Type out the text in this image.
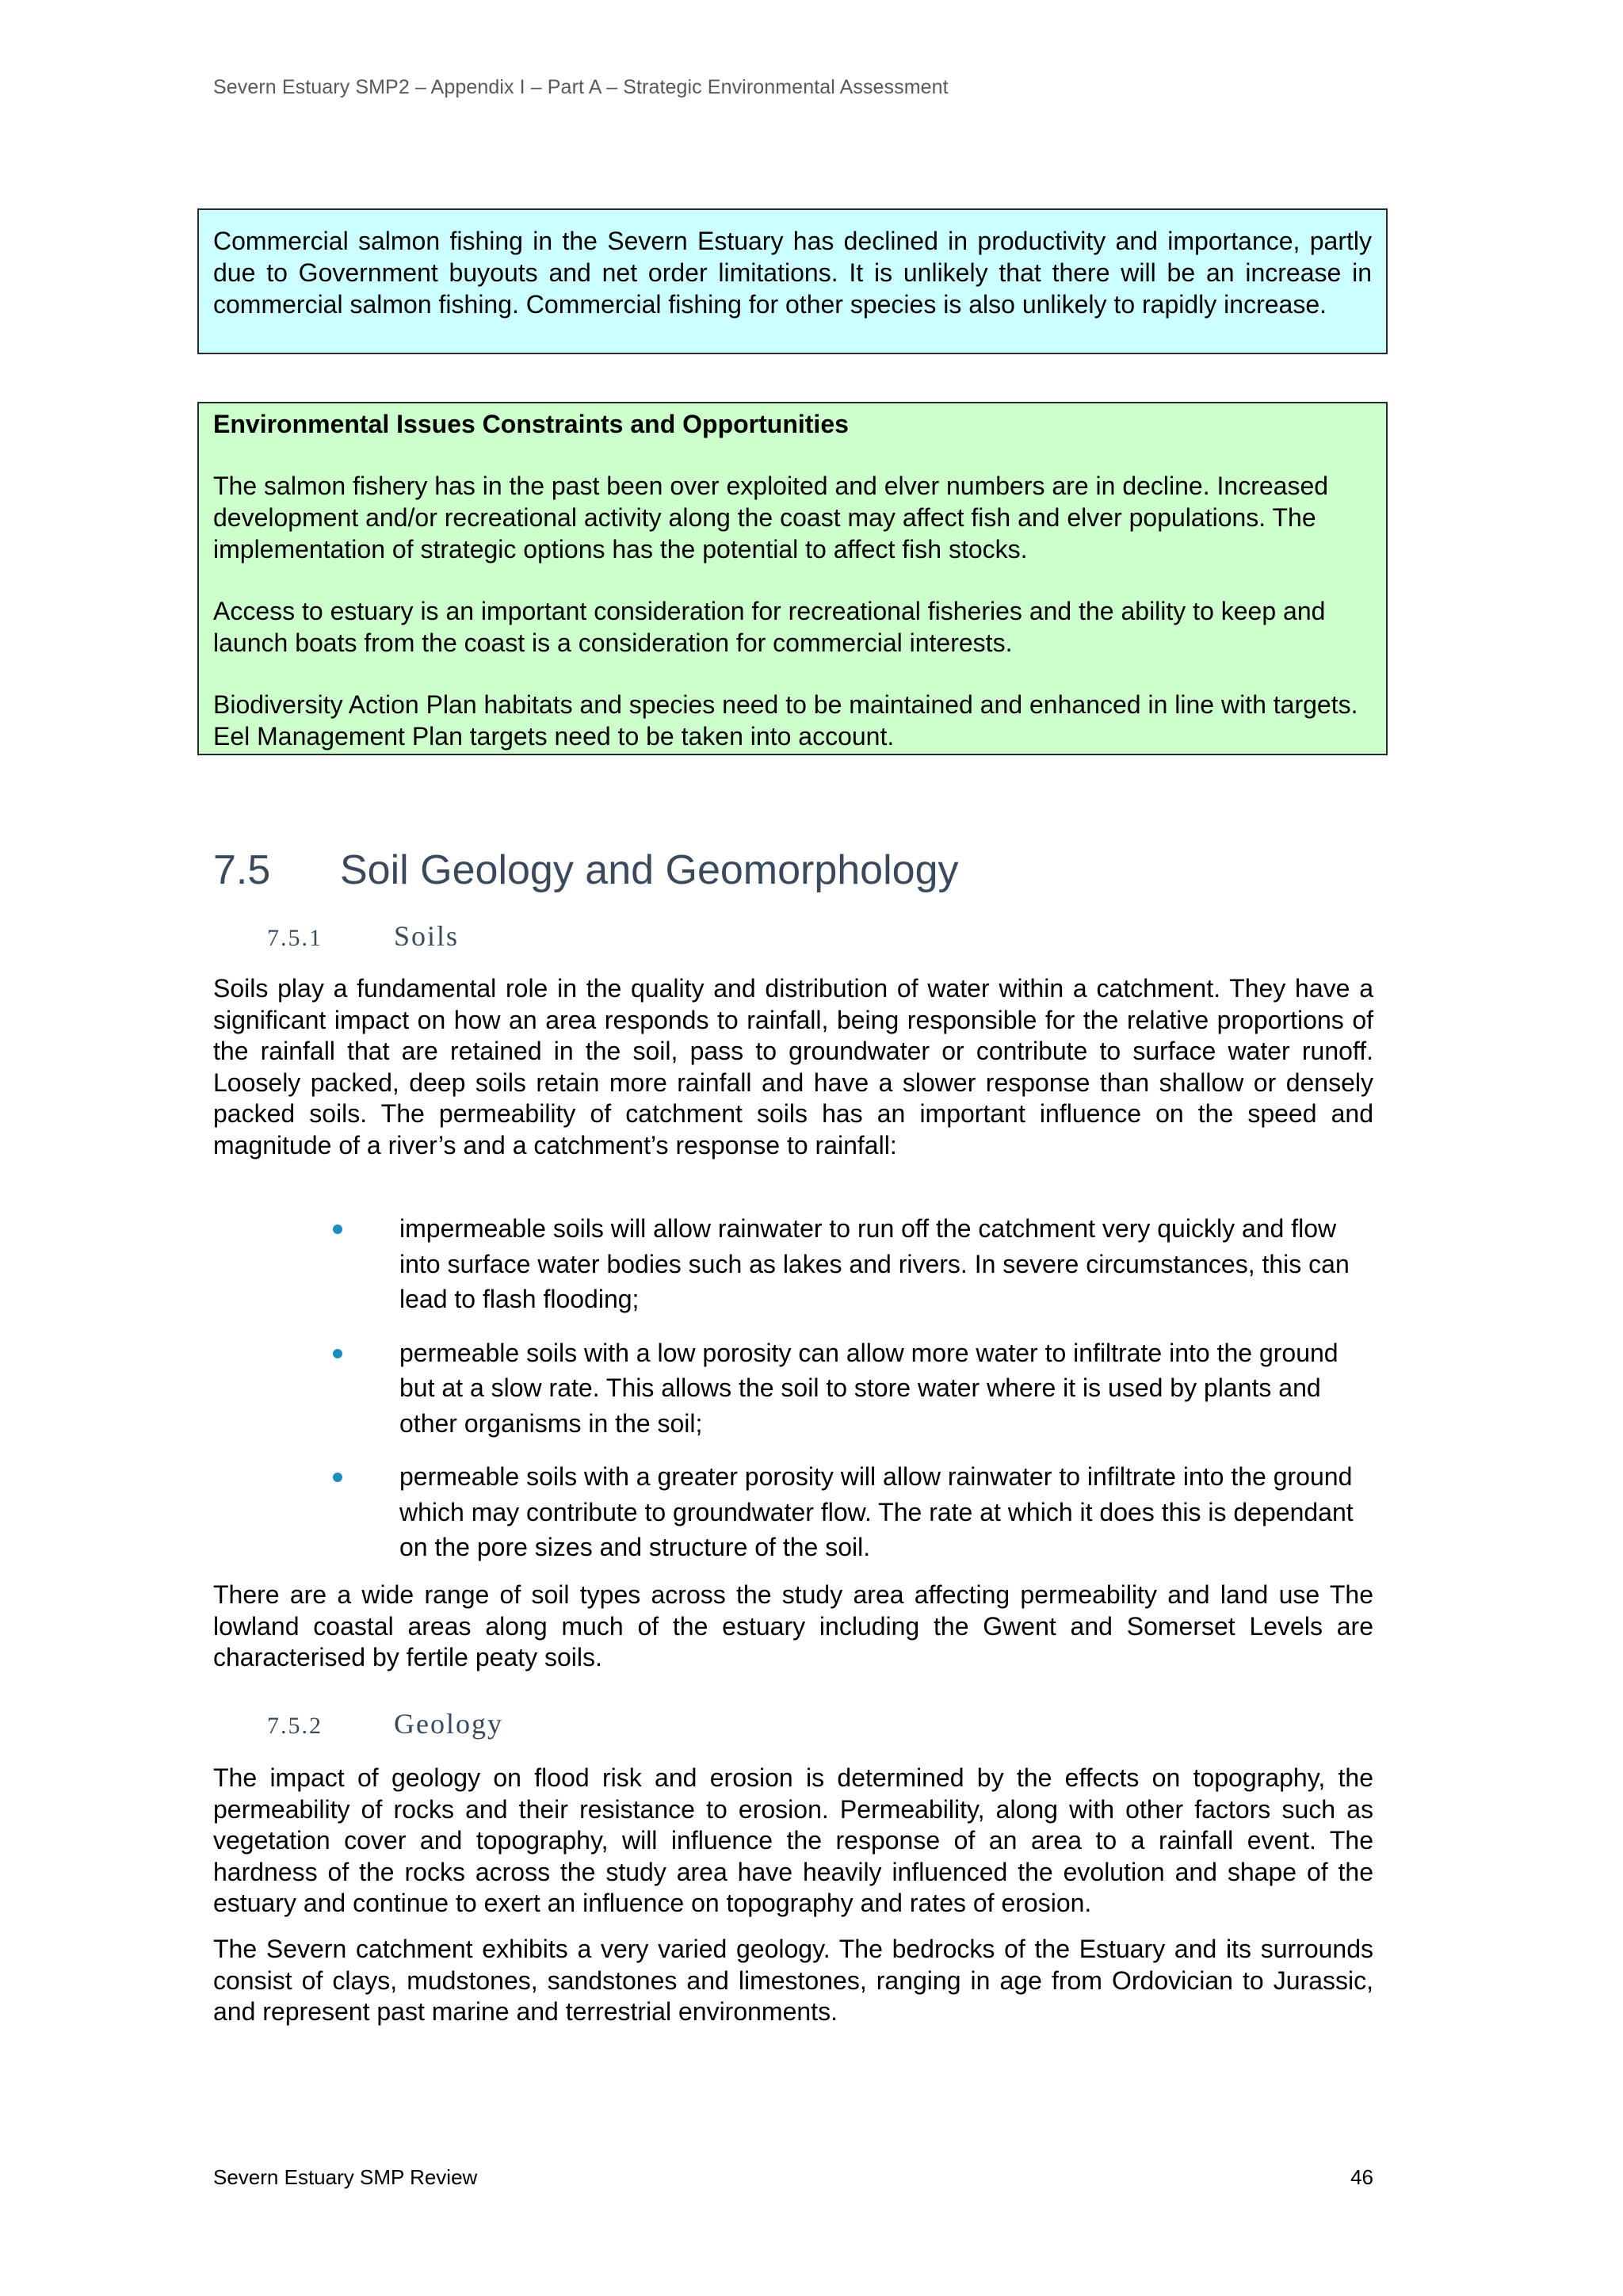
Severn Estuary SMP2 – Appendix I – Part A – Strategic Environmental Assessment

Commercial salmon fishing in the Severn Estuary has declined in productivity and importance, partly due to Government buyouts and net order limitations. It is unlikely that there will be an increase in commercial salmon fishing. Commercial fishing for other species is also unlikely to rapidly increase.

Environmental Issues Constraints and Opportunities

The salmon fishery has in the past been over exploited and elver numbers are in decline. Increased development and/or recreational activity along the coast may affect fish and elver populations. The implementation of strategic options has the potential to affect fish stocks.

Access to estuary is an important consideration for recreational fisheries and the ability to keep and launch boats from the coast is a consideration for commercial interests.

Biodiversity Action Plan habitats and species need to be maintained and enhanced in line with targets. Eel Management Plan targets need to be taken into account.

7.5 Soil Geology and Geomorphology
7.5.1	Soils

Soils play a fundamental role in the quality and distribution of water within a catchment. They have a significant impact on how an area responds to rainfall, being responsible for the relative proportions of the rainfall that are retained in the soil, pass to groundwater or contribute to surface water runoff. Loosely packed, deep soils retain more rainfall and have a slower response than shallow or densely packed soils. The permeability of catchment soils has an important influence on the speed and magnitude of a river’s and a catchment’s response to rainfall:

impermeable soils will allow rainwater to run off the catchment very quickly and flow into surface water bodies such as lakes and rivers. In severe circumstances, this can lead to flash flooding;
permeable soils with a low porosity can allow more water to infiltrate into the ground but at a slow rate. This allows the soil to store water where it is used by plants and other organisms in the soil;
permeable soils with a greater porosity will allow rainwater to infiltrate into the ground which may contribute to groundwater flow. The rate at which it does this is dependant on the pore sizes and structure of the soil.

There are a wide range of soil types across the study area affecting permeability and land use The lowland coastal areas along much of the estuary including the Gwent and Somerset Levels are characterised by fertile peaty soils.

7.5.2	Geology

The impact of geology on flood risk and erosion is determined by the effects on topography, the permeability of rocks and their resistance to erosion. Permeability, along with other factors such as vegetation cover and topography, will influence the response of an area to a rainfall event. The hardness of the rocks across the study area have heavily influenced the evolution and shape of the estuary and continue to exert an influence on topography and rates of erosion.

The Severn catchment exhibits a very varied geology. The bedrocks of the Estuary and its surrounds consist of clays, mudstones, sandstones and limestones, ranging in age from Ordovician to Jurassic, and represent past marine and terrestrial environments.

Severn Estuary SMP Review	46
